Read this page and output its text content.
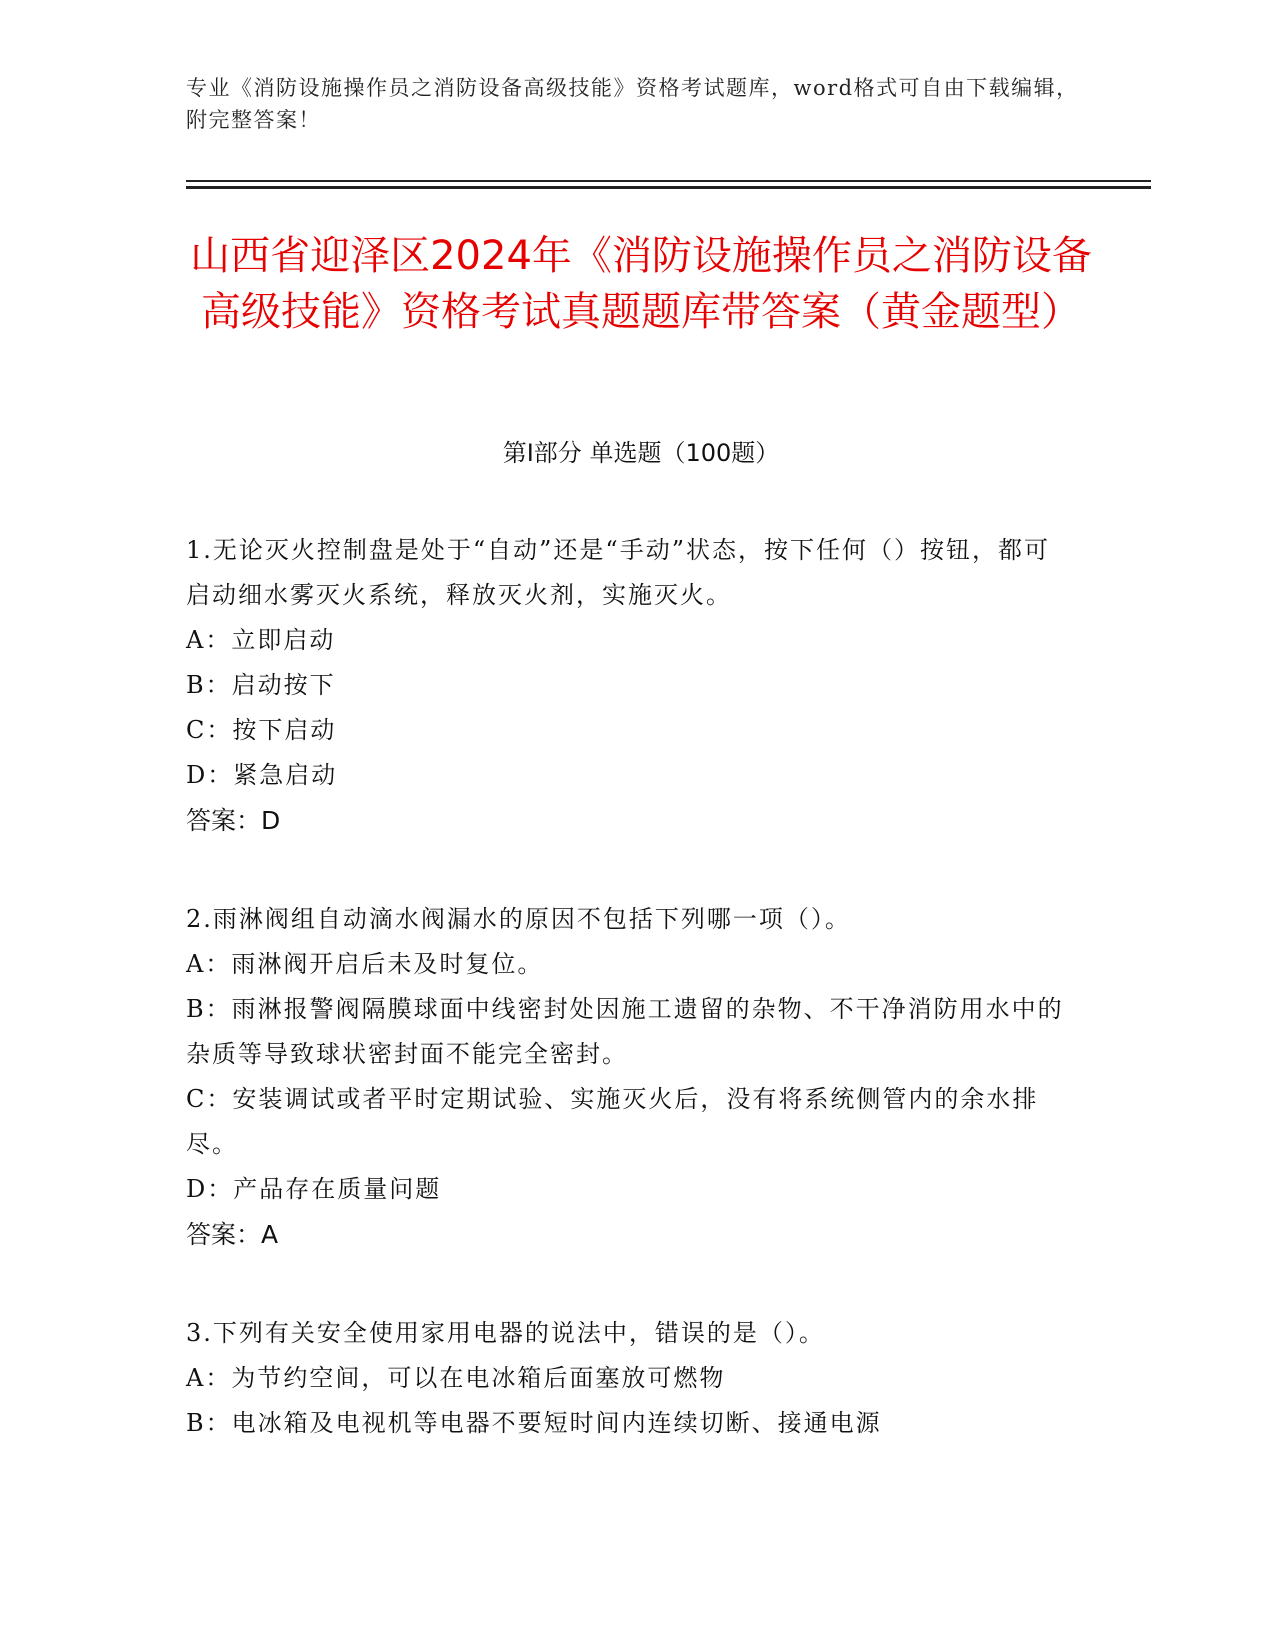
专业《消防设施操作员之消防设备高级技能》资格考试题库，word格式可自由下载编辑，附完整答案！
山西省迎泽区2024年《消防设施操作员之消防设备高级技能》资格考试真题题库带答案（黄金题型）
第Ⅰ部分 单选题（100题）

1.无论灭火控制盘是处于“自动”还是“手动”状态，按下任何（）按钮，都可启动细水雾灭火系统，释放灭火剂，实施灭火。

A：立即启动

B：启动按下

C：按下启动

D：紧急启动

答案：D

2.雨淋阀组自动滴水阀漏水的原因不包括下列哪一项（）。

A：雨淋阀开启后未及时复位。

B：雨淋报警阀隔膜球面中线密封处因施工遗留的杂物、不干净消防用水中的杂质等导致球状密封面不能完全密封。

C：安装调试或者平时定期试验、实施灭火后，没有将系统侧管内的余水排尽。

D：产品存在质量问题

答案：A

3.下列有关安全使用家用电器的说法中，错误的是（）。

A：为节约空间，可以在电冰箱后面塞放可燃物

B：电冰箱及电视机等电器不要短时间内连续切断、接通电源
